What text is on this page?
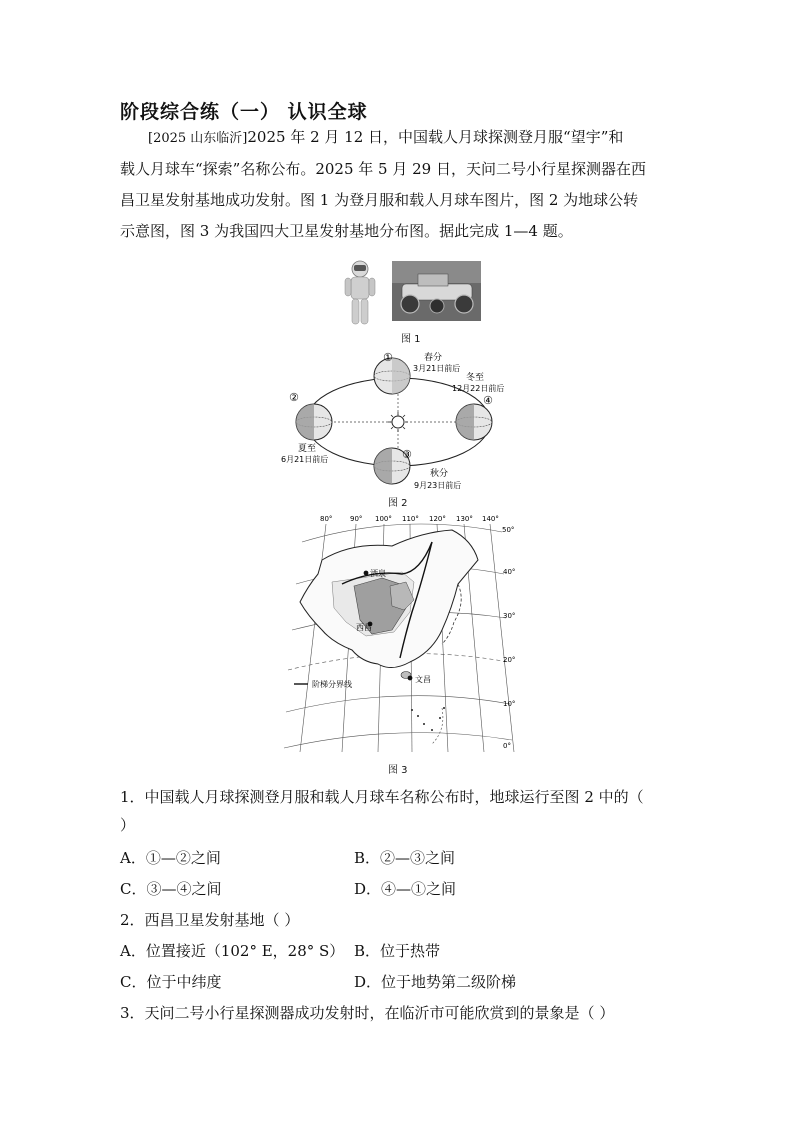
阶段综合练（一） 认识全球
[2025 山东临沂]2025 年 2 月 12 日，中国载人月球探测登月服“望宇”和
载人月球车“探索”名称公布。2025 年 5 月 29 日，天问二号小行星探测器在西
昌卫星发射基地成功发射。图 1 为登月服和载人月球车图片，图 2 为地球公转
示意图，图 3 为我国四大卫星发射基地分布图。据此完成 1—4 题。
图 1
①	春分
3月21日前后
②
夏至
6月21日前后	③
秋分
9月23日前后
④
冬至
12月22日前后
图 2
酒泉
西昌
文昌
阶梯分界线
80°	90° 100° 110° 120° 130° 140°
50°
40°
30°
20°
10°
0°
图 3
1．中国载人月球探测登月服和载人月球车名称公布时，地球运行至图 2 中的（
）
A．①—②之间	B．②—③之间
C．③—④之间	D．④—①之间
2．西昌卫星发射基地（ ）
A．位置接近（102° E，28° S） B．位于热带
C．位于中纬度	D．位于地势第二级阶梯
3．天问二号小行星探测器成功发射时，在临沂市可能欣赏到的景象是（ ）
